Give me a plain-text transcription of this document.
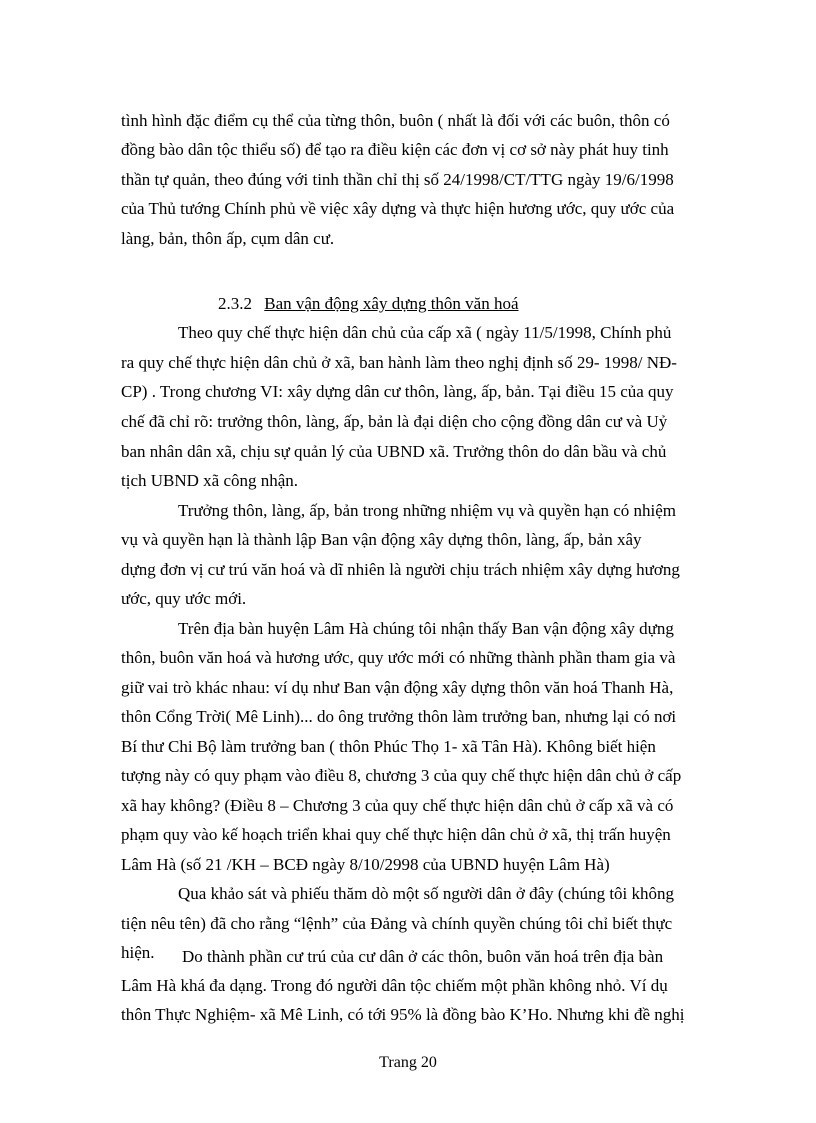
tình hình đặc điểm cụ thể của từng thôn, buôn ( nhất là đối với các buôn, thôn có
đồng bào dân tộc thiểu số) để tạo ra điều kiện các đơn vị cơ sở này phát huy tinh
thần tự quản, theo đúng với tinh thần chỉ thị số 24/1998/CT/TTG ngày 19/6/1998
của Thủ tướng Chính phủ về việc xây dựng và thực hiện hương ước, quy ước của
làng, bản, thôn ấp, cụm dân cư.
2.3.2 Ban vận động xây dựng thôn văn hoá
Theo quy chế thực hiện dân chủ của cấp xã ( ngày 11/5/1998, Chính phủ
ra quy chế thực hiện dân chủ ở xã, ban hành làm theo nghị định số 29- 1998/ NĐ-
CP) . Trong chương VI: xây dựng dân cư thôn, làng, ấp, bản. Tại điều 15 của quy
chế đã chỉ rõ: trưởng thôn, làng, ấp, bản là đại diện cho cộng đồng dân cư và Uỷ
ban nhân dân xã, chịu sự quản lý của UBND xã. Trưởng thôn do dân bầu và chủ
tịch UBND xã công nhận.
Trưởng thôn, làng, ấp, bản trong những nhiệm vụ và quyền hạn có nhiệm
vụ và quyền hạn là thành lập Ban vận động xây dựng thôn, làng, ấp, bản xây
dựng đơn vị cư trú văn hoá và dĩ nhiên là người chịu trách nhiệm xây dựng hương
ước, quy ước mới.
Trên địa bàn huyện Lâm Hà chúng tôi nhận thấy Ban vận động xây dựng
thôn, buôn văn hoá và hương ước, quy ước mới có những thành phần tham gia và
giữ vai trò khác nhau: ví dụ như Ban vận động xây dựng thôn văn hoá Thanh Hà,
thôn Cổng Trời( Mê Linh)... do ông trưởng thôn làm trưởng ban, nhưng lại có nơi
Bí thư Chi Bộ làm trưởng ban ( thôn Phúc Thọ 1- xã Tân Hà). Không biết hiện
tượng này có quy phạm vào điều 8, chương 3 của quy chế thực hiện dân chủ ở cấp
xã hay không? (Điều 8 – Chương 3 của quy chế thực hiện dân chủ ở cấp xã và có
phạm quy vào kế hoạch triển khai quy chế thực hiện dân chủ ở xã, thị trấn huyện
Lâm Hà (số 21 /KH – BCĐ ngày 8/10/2998 của UBND huyện Lâm Hà)
Qua khảo sát và phiếu thăm dò một số người dân ở đây (chúng tôi không
tiện nêu tên) đã cho rằng “lệnh” của Đảng và chính quyền chúng tôi chỉ biết thực
hiện. Do thành phần cư trú của cư dân ở các thôn, buôn văn hoá trên địa bàn
Lâm Hà khá đa dạng. Trong đó người dân tộc chiếm một phần không nhỏ. Ví dụ
Trang 20
thôn Thực Nghiệm- xã Mê Linh, có tới 95% là đồng bào K’Ho. Nhưng khi đề nghị
